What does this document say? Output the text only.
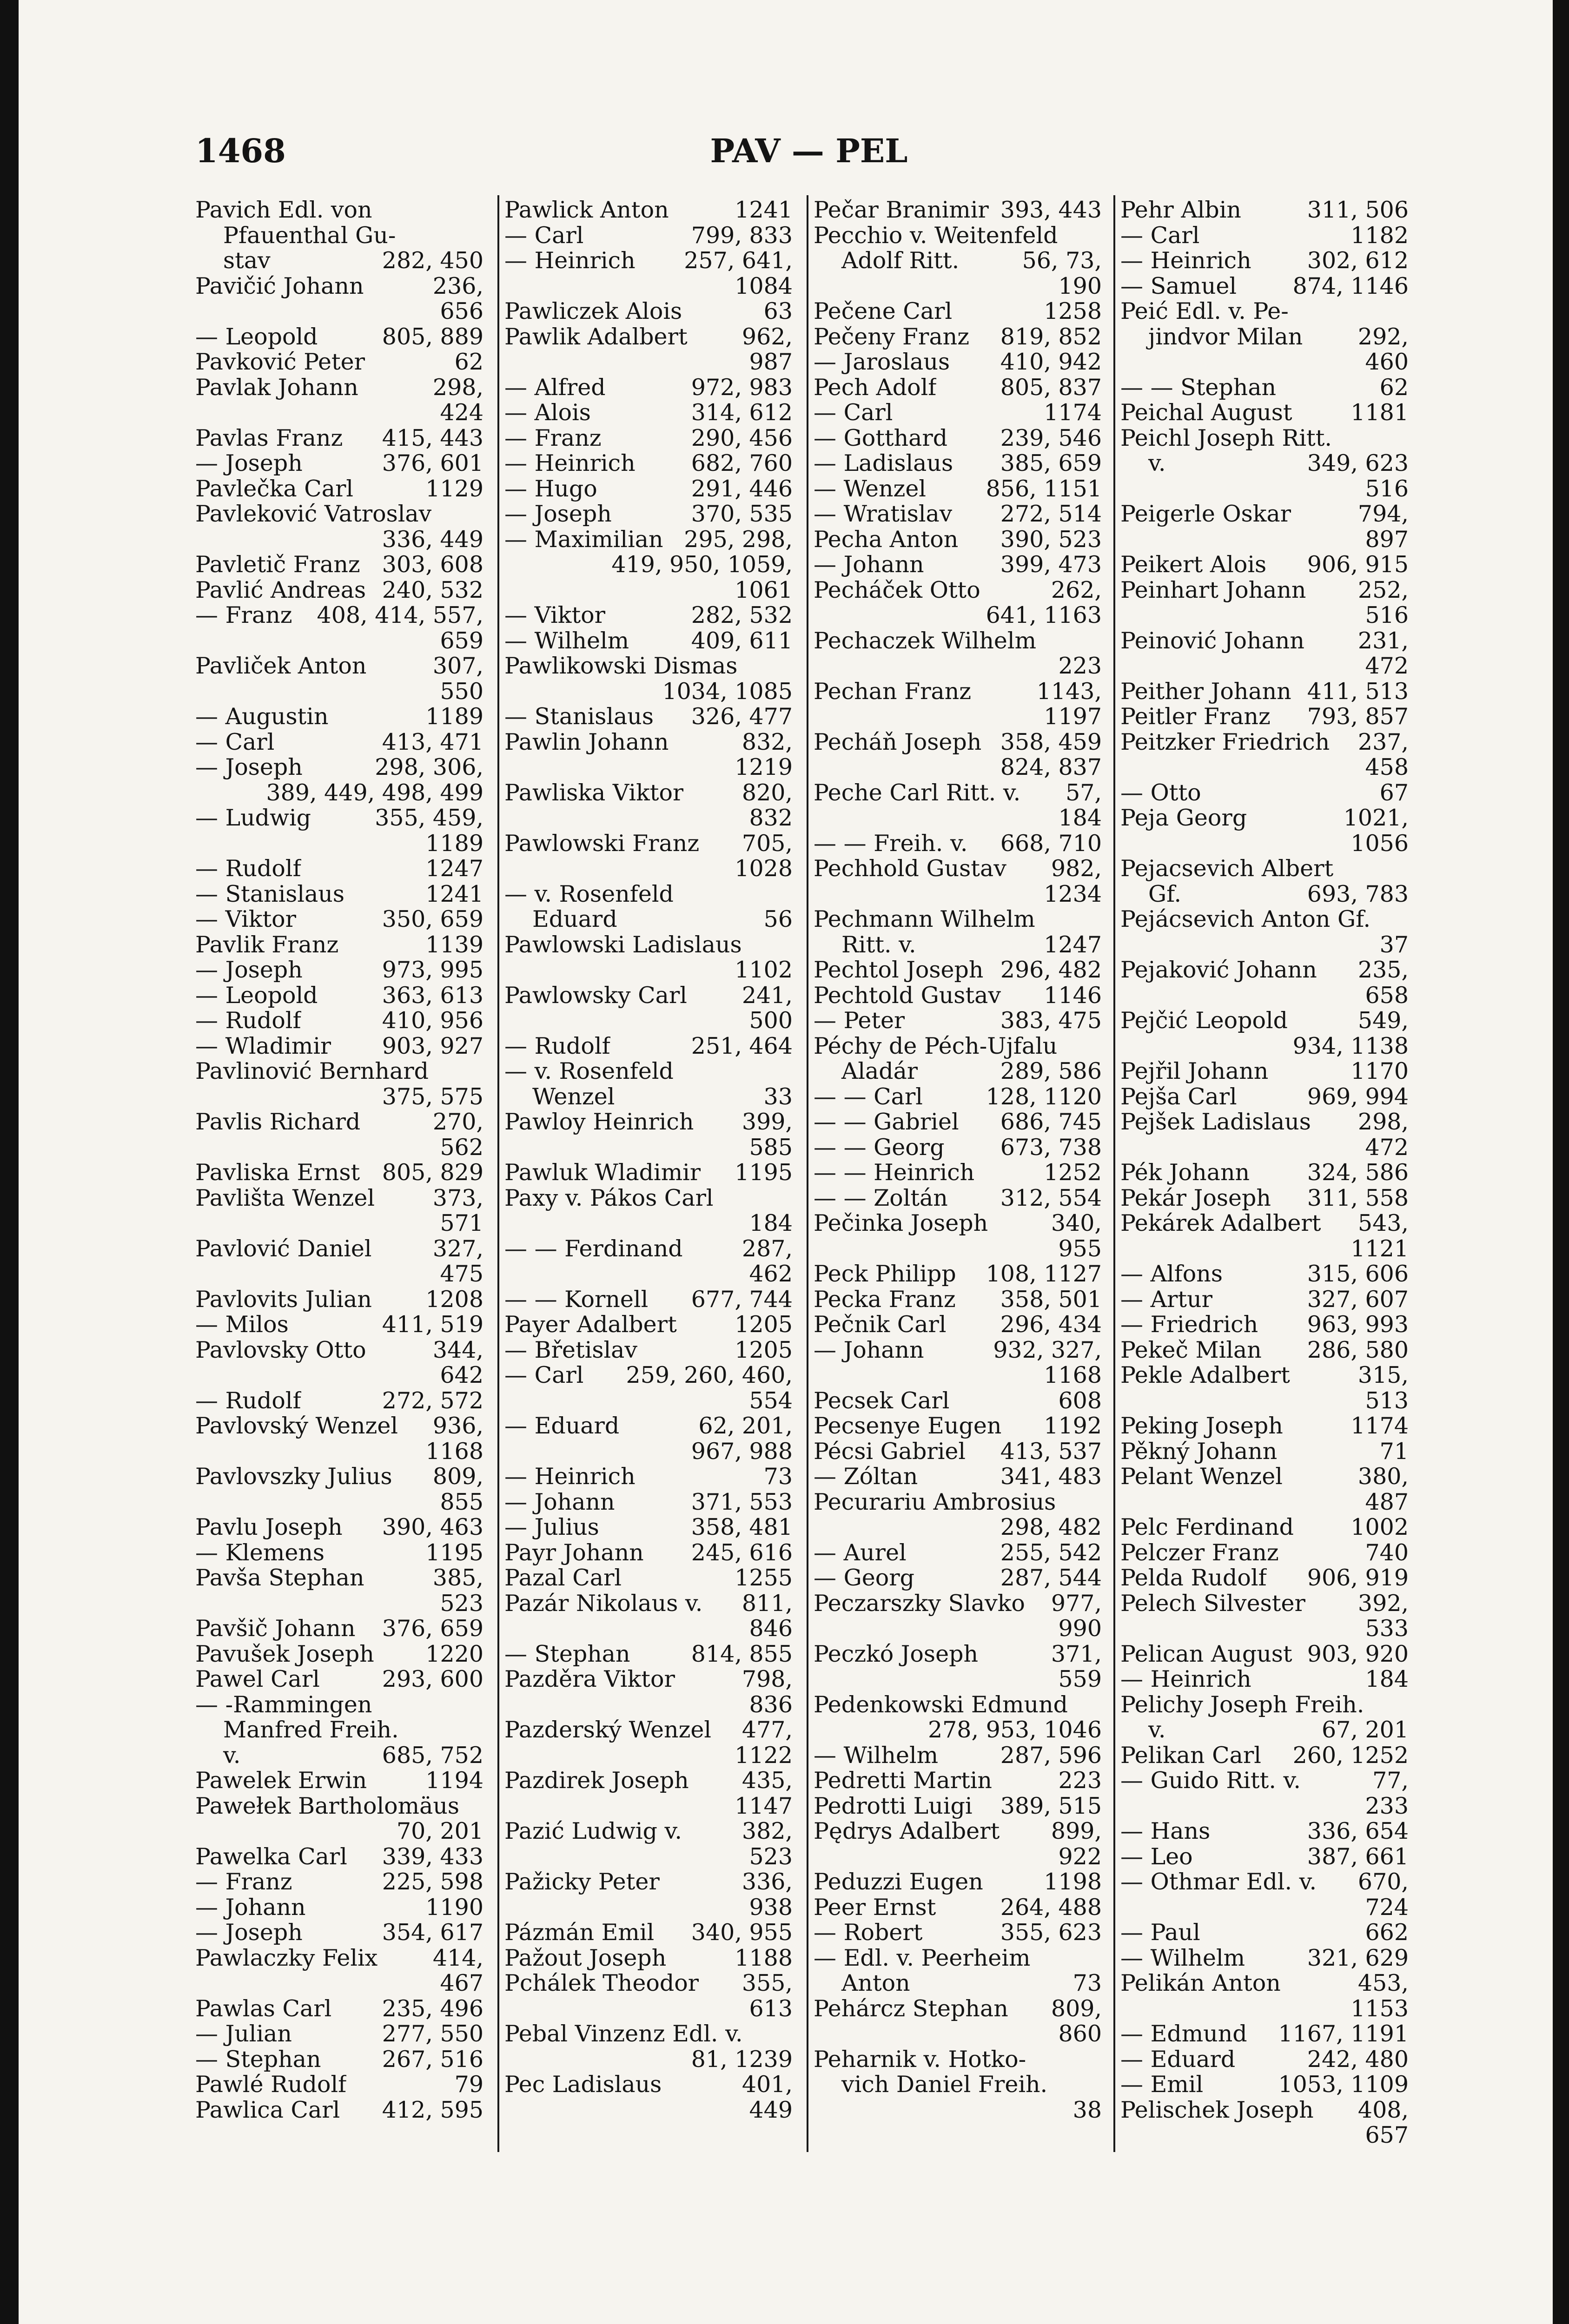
1468	PAV — PEL
Pavich Edl. von
Pfauenthal Gu-
stav	282, 450
Pavičić Johann	236,
656
— Leopold	805, 889
Pavković Peter	62
Pavlak Johann	298,
424
Pavlas Franz 415, 443
— Joseph	376, 601
Pavlečka Carl	1129
Pavleković Vatroslav
336, 449
Pavletič Franz 303, 608
Pavlić Andreas 240, 532
— Franz 408, 414, 557,
659
Pavliček Anton	307,
550
— Augustin	1189
— Carl	413, 471
— Joseph	298, 306,
389, 449, 498, 499
— Ludwig	355, 459,
1189
— Rudolf	1247
— Stanislaus	1241
— Viktor	350, 659
Pavlik Franz	1139
— Joseph	973, 995
— Leopold	363, 613
— Rudolf	410, 956
— Wladimir 903, 927
Pavlinović Bernhard
375, 575
Pavlis Richard	270,
562
Pavliska Ernst 805, 829
Pavlišta Wenzel	373,
571
Pavlović Daniel	327,
475
Pavlovits Julian 1208
— Milos	411, 519
Pavlovsky Otto	344,
642
— Rudolf	272, 572
Pavlovský Wenzel 936,
1168
Pavlovszky Julius 809,
855
Pavlu Joseph 390, 463
— Klemens	1195
Pavša Stephan	385,
523
Pavšič Johann 376, 659
Pavušek Joseph 1220
Pawel Carl	293, 600
— -Rammingen
Manfred Freih.
v.	685, 752
Pawelek Erwin	1194
Pawełek Bartholomäus
70, 201
Pawelka Carl 339, 433
— Franz	225, 598
— Johann	1190
— Joseph	354, 617
Pawlaczky Felix 414,
467
Pawlas Carl 235, 496
— Julian	277, 550
— Stephan	267, 516
Pawlé Rudolf	79
Pawlica Carl 412, 595
Pawlick Anton	1241
— Carl	799, 833
— Heinrich 257, 641,
1084
Pawliczek Alois	63
Pawlik Adalbert 962,
987
— Alfred	972, 983
— Alois	314, 612
— Franz	290, 456
— Heinrich 682, 760
— Hugo	291, 446
— Joseph	370, 535
— Maximilian 295, 298,
419, 950, 1059,
1061
— Viktor	282, 532
— Wilhelm	409, 611
Pawlikowski Dismas
1034, 1085
— Stanislaus 326, 477
Pawlin Johann	832,
1219
Pawliska Viktor	820,
832
Pawlowski Franz 705,
1028
— v. Rosenfeld
Eduard	56
Pawlowski Ladislaus
1102
Pawlowsky Carl 241,
500
— Rudolf	251, 464
— v. Rosenfeld
Wenzel	33
Pawloy Heinrich 399,
585
Pawluk Wladimir 1195
Paxy v. Pákos Carl
184
— — Ferdinand	287,
462
— — Kornell 677, 744
Payer Adalbert	1205
— Břetislav	1205
— Carl 259, 260, 460,
554
— Eduard	62, 201,
967, 988
— Heinrich	73
— Johann	371, 553
— Julius	358, 481
Payr Johann 245, 616
Pazal Carl	1255
Pazár Nikolaus v. 811,
846
— Stephan	814, 855
Pazděra Viktor	798,
836
Pazderský Wenzel 477,
1122
Pazdirek Joseph 435,
1147
Pazić Ludwig v.	382,
523
Pažicky Peter	336,
938
Pázmán Emil 340, 955
Pažout Joseph	1188
Pchálek Theodor 355,
613
Pebal Vinzenz Edl. v.
81, 1239
Pec Ladislaus	401,
449
Pečar Branimir 393, 443
Pecchio v. Weitenfeld
Adolf Ritt.	56, 73,
190
Pečene Carl	1258
Pečeny Franz 819, 852
— Jaroslaus 410, 942
Pech Adolf	805, 837
— Carl	1174
— Gotthard 239, 546
— Ladislaus 385, 659
— Wenzel	856, 1151
— Wratislav 272, 514
Pecha Anton 390, 523
— Johann	399, 473
Pecháček Otto	262,
641, 1163
Pechaczek Wilhelm
223
Pechan Franz	1143,
1197
Pecháň Joseph 358, 459
824, 837
Peche Carl Ritt. v. 57,
184
— — Freih. v. 668, 710
Pechhold Gustav 982,
1234
Pechmann Wilhelm
Ritt. v.	1247
Pechtol Joseph 296, 482
Pechtold Gustav 1146
— Peter	383, 475
Péchy de Péch-Ujfalu
Aladár	289, 586
— — Carl	128, 1120
— — Gabriel 686, 745
— — Georg 673, 738
— — Heinrich	1252
— — Zoltán 312, 554
Pečinka Joseph	340,
955
Peck Philipp 108, 1127
Pecka Franz 358, 501
Pečnik Carl 296, 434
— Johann	932, 327,
1168
Pecsek Carl	608
Pecsenye Eugen 1192
Pécsi Gabriel 413, 537
— Zóltan	341, 483
Pecurariu Ambrosius
298, 482
— Aurel	255, 542
— Georg	287, 544
Peczarszky Slavko 977,
990
Peczkó Joseph	371,
559
Pedenkowski Edmund
278, 953, 1046
— Wilhelm	287, 596
Pedretti Martin	223
Pedrotti Luigi 389, 515
Pędrys Adalbert 899,
922
Peduzzi Eugen	1198
Peer Ernst	264, 488
— Robert	355, 623
— Edl. v. Peerheim
Anton	73
Pehárcz Stephan 809,
860
Peharnik v. Hotko-
vich Daniel Freih.
38
Pehr Albin	311, 506
— Carl	1182
— Heinrich 302, 612
— Samuel 874, 1146
Peić Edl. v. Pe-
jindvor Milan 292,
460
— — Stephan	62
Peichal August	1181
Peichl Joseph Ritt.
v.	349, 623
516
Peigerle Oskar	794,
897
Peikert Alois 906, 915
Peinhart Johann 252,
516
Peinović Johann 231,
472
Peither Johann 411, 513
Peitler Franz 793, 857
Peitzker Friedrich 237,
458
— Otto	67
Peja Georg	1021,
1056
Pejacsevich Albert
Gf.	693, 783
Pejácsevich Anton Gf.
37
Pejaković Johann 235,
658
Pejčić Leopold	549,
934, 1138
Pejřil Johann	1170
Pejša Carl	969, 994
Pejšek Ladislaus 298,
472
Pék Johann	324, 586
Pekár Joseph 311, 558
Pekárek Adalbert 543,
1121
— Alfons	315, 606
— Artur	327, 607
— Friedrich 963, 993
Pekeč Milan 286, 580
Pekle Adalbert	315,
513
Peking Joseph	1174
Pěkný Johann	71
Pelant Wenzel	380,
487
Pelc Ferdinand 1002
Pelczer Franz	740
Pelda Rudolf 906, 919
Pelech Silvester 392,
533
Pelican August 903, 920
— Heinrich	184
Pelichy Joseph Freih.
v.	67, 201
Pelikan Carl 260, 1252
— Guido Ritt. v.	77,
233
— Hans	336, 654
— Leo	387, 661
— Othmar Edl. v. 670,
724
— Paul	662
— Wilhelm	321, 629
Pelikán Anton	453,
1153
— Edmund 1167, 1191
— Eduard	242, 480
— Emil	1053, 1109
Pelischek Joseph 408,
657
